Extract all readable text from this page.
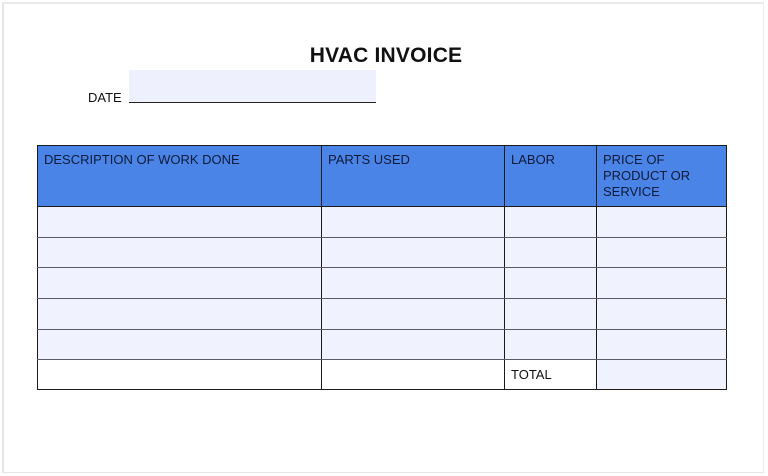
HVAC INVOICE
DATE
DESCRIPTION OF WORK DONE	PARTS USED	LABOR	PRICE OF PRODUCT OR SERVICE

		TOTAL	
